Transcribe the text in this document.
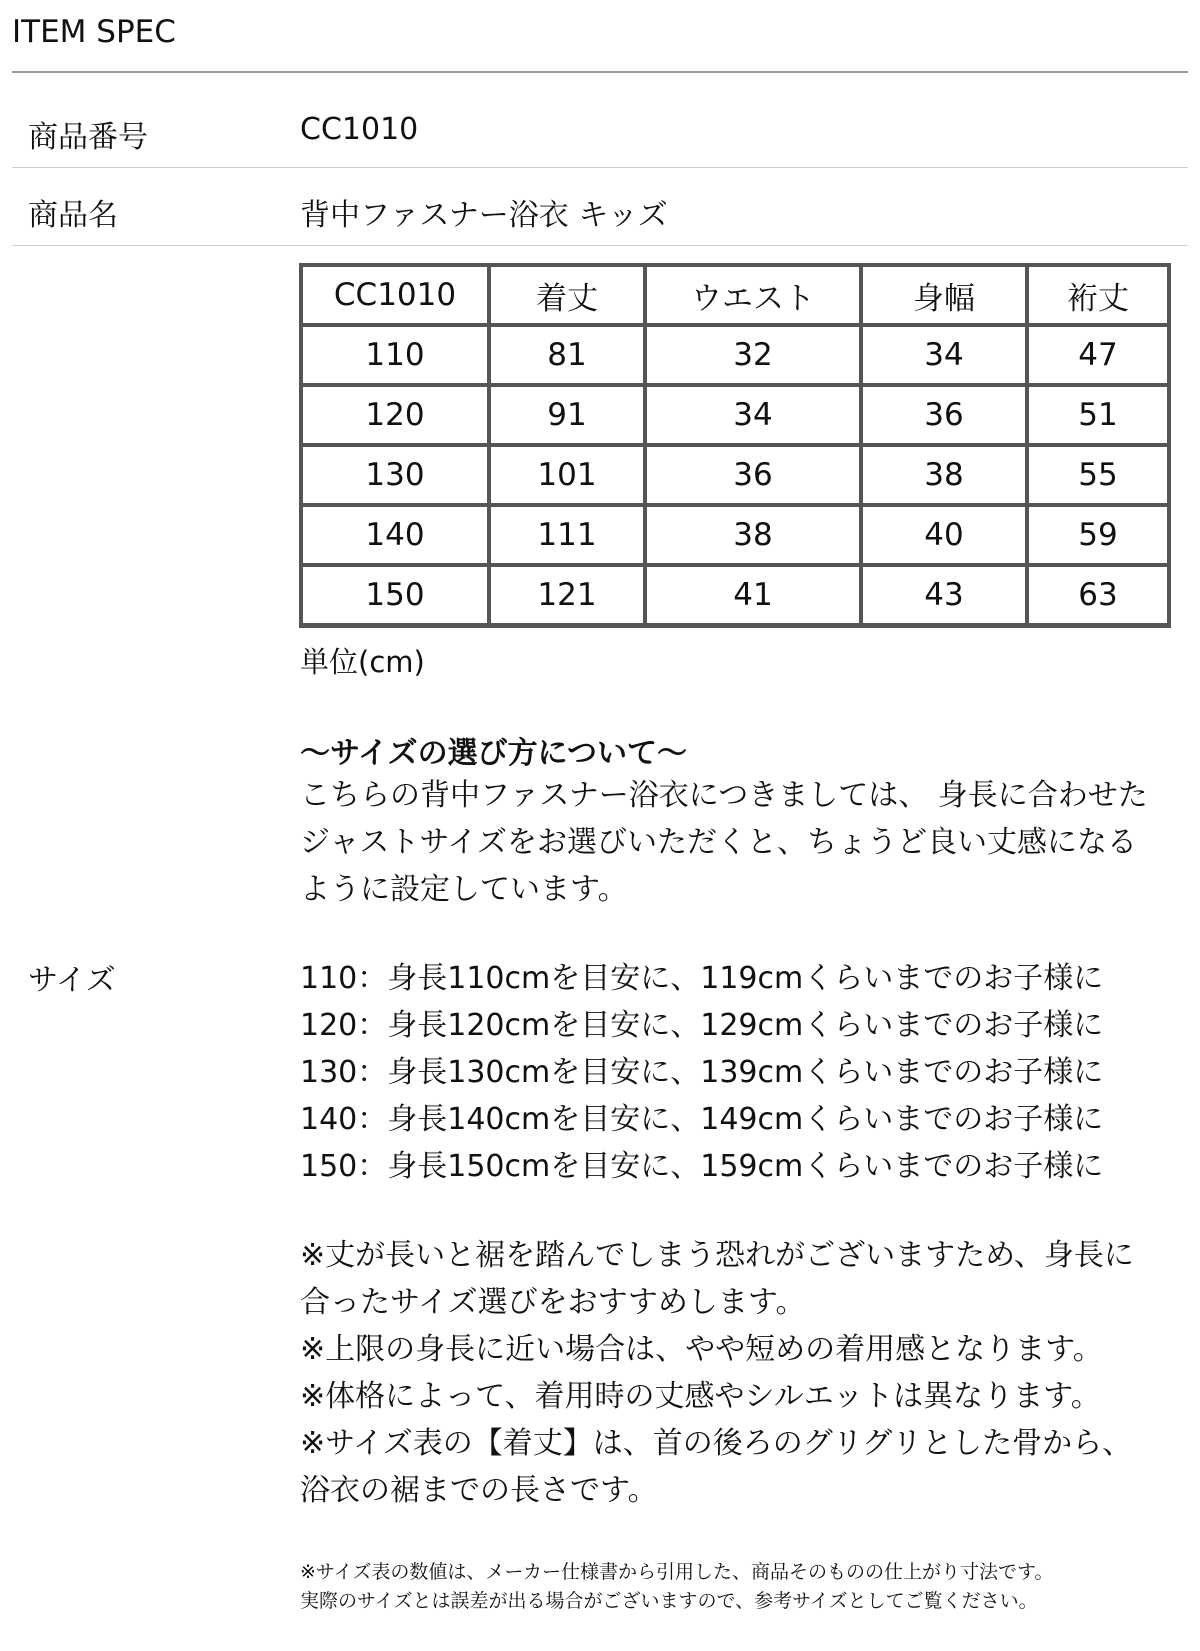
ITEM SPEC
商品番号	CC1010
商品名	背中ファスナー浴衣 キッズ
CC1010	着丈	ウエスト	身幅	裄丈
110	81	32	34	47
120	91	34	36	51
130	101	36	38	55
140	111	38	40	59
150	121	41	43	63
単位(cm)
〜サイズの選び方について〜
こちらの背中ファスナー浴衣につきましては、 身長に合わせた
ジャストサイズをお選びいただくと、ちょうど良い丈感になる
ように設定しています。
サイズ	110：身長110cmを目安に、119cmくらいまでのお子様に
120：身長120cmを目安に、129cmくらいまでのお子様に
130：身長130cmを目安に、139cmくらいまでのお子様に
140：身長140cmを目安に、149cmくらいまでのお子様に
150：身長150cmを目安に、159cmくらいまでのお子様に
※丈が長いと裾を踏んでしまう恐れがございますため、身長に
合ったサイズ選びをおすすめします。
※上限の身長に近い場合は、やや短めの着用感となります。
※体格によって、着用時の丈感やシルエットは異なります。
※サイズ表の【着丈】は、首の後ろのグリグリとした骨から、
浴衣の裾までの長さです。
※サイズ表の数値は、メーカー仕様書から引用した、商品そのものの仕上がり寸法です。
実際のサイズとは誤差が出る場合がございますので、参考サイズとしてご覧ください。
